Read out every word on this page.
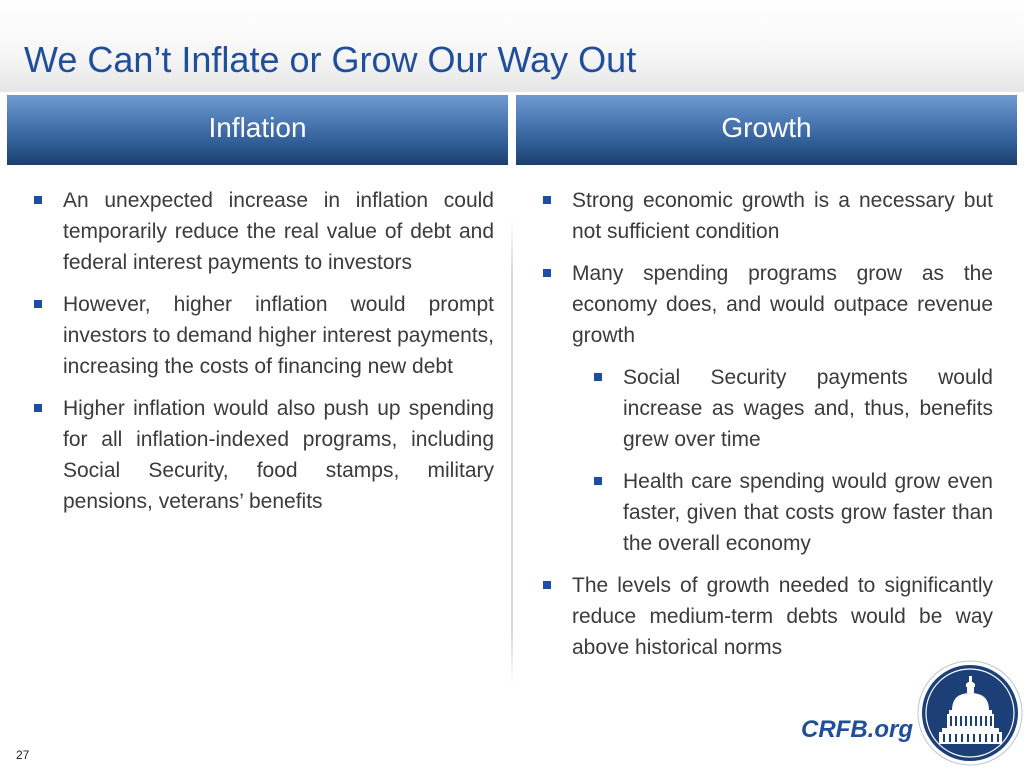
We Can’t Inflate or Grow Our Way Out
Inflation	Growth
An unexpected increase in inflation could temporarily reduce the real value of debt and federal interest payments to investors
However, higher inflation would prompt investors to demand higher interest payments, increasing the costs of financing new debt
Higher inflation would also push up spending for all inflation-indexed programs, including Social Security, food stamps, military pensions, veterans’ benefits
Strong economic growth is a necessary but not sufficient condition
Many spending programs grow as the economy does, and would outpace revenue growth
Social Security payments would increase as wages and, thus, benefits grew over time
Health care spending would grow even faster, given that costs grow faster than the overall economy
The levels of growth needed to significantly reduce medium-term debts would be way above historical norms
CRFB.org
27
